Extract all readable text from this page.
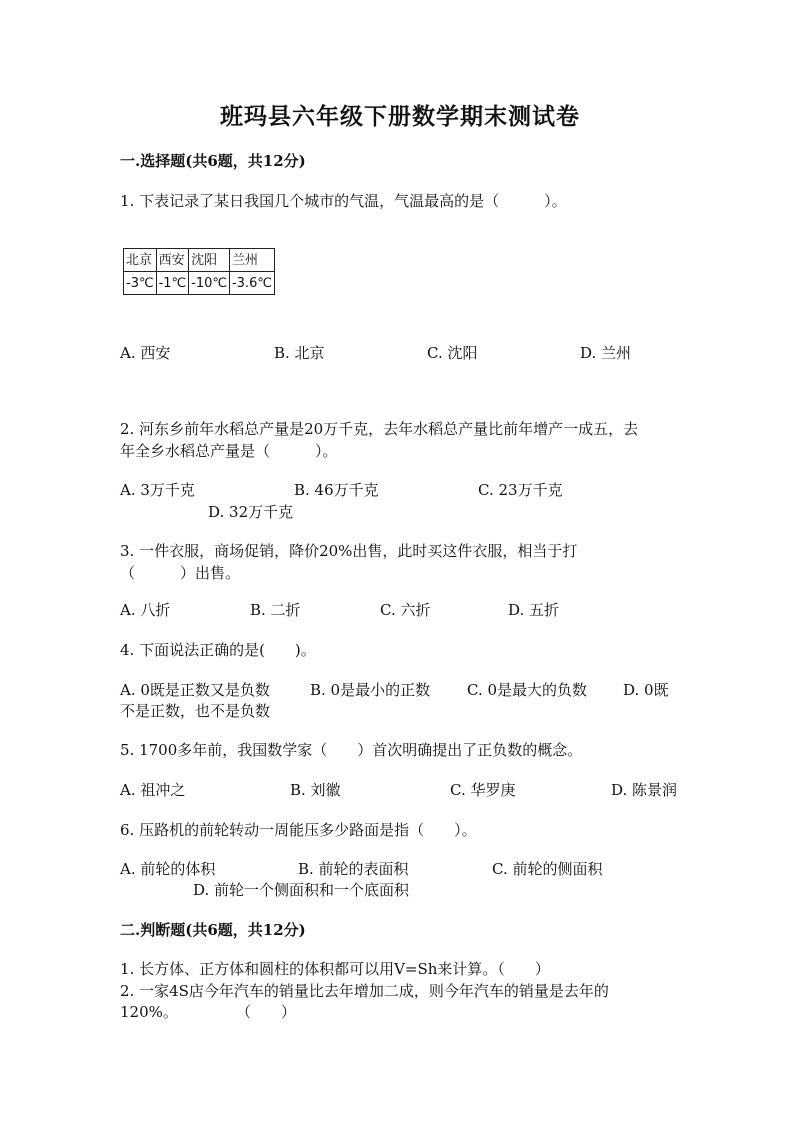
班玛县六年级下册数学期末测试卷
一.选择题(共6题，共12分)
1. 下表记录了某日我国几个城市的气温，气温最高的是（　　　）。
北京	西安	沈阳	兰州
-3℃	-1℃	-10℃	-3.6℃
A. 西安	B. 北京	C. 沈阳	D. 兰州
2. 河东乡前年水稻总产量是20万千克，去年水稻总产量比前年增产一成五，去
年全乡水稻总产量是（　　　）。
A. 3万千克	B. 46万千克	C. 23万千克
D. 32万千克
3. 一件衣服，商场促销，降价20%出售，此时买这件衣服，相当于打
（　　　）出售。
A. 八折	B. 二折	C. 六折	D. 五折
4. 下面说法正确的是(　　)。
A. 0既是正数又是负数	B. 0是最小的正数 C. 0是最大的负数 D. 0既
不是正数，也不是负数
5. 1700多年前，我国数学家（　　）首次明确提出了正负数的概念。
A. 祖冲之	B. 刘徽	C. 华罗庚	D. 陈景润
6. 压路机的前轮转动一周能压多少路面是指（　　）。
A. 前轮的体积	B. 前轮的表面积	C. 前轮的侧面积
D. 前轮一个侧面积和一个底面积
二.判断题(共6题，共12分)
1. 长方体、正方体和圆柱的体积都可以用V=Sh来计算。（　　）
2. 一家4S店今年汽车的销量比去年增加二成，则今年汽车的销量是去年的
120%。	（　　）
